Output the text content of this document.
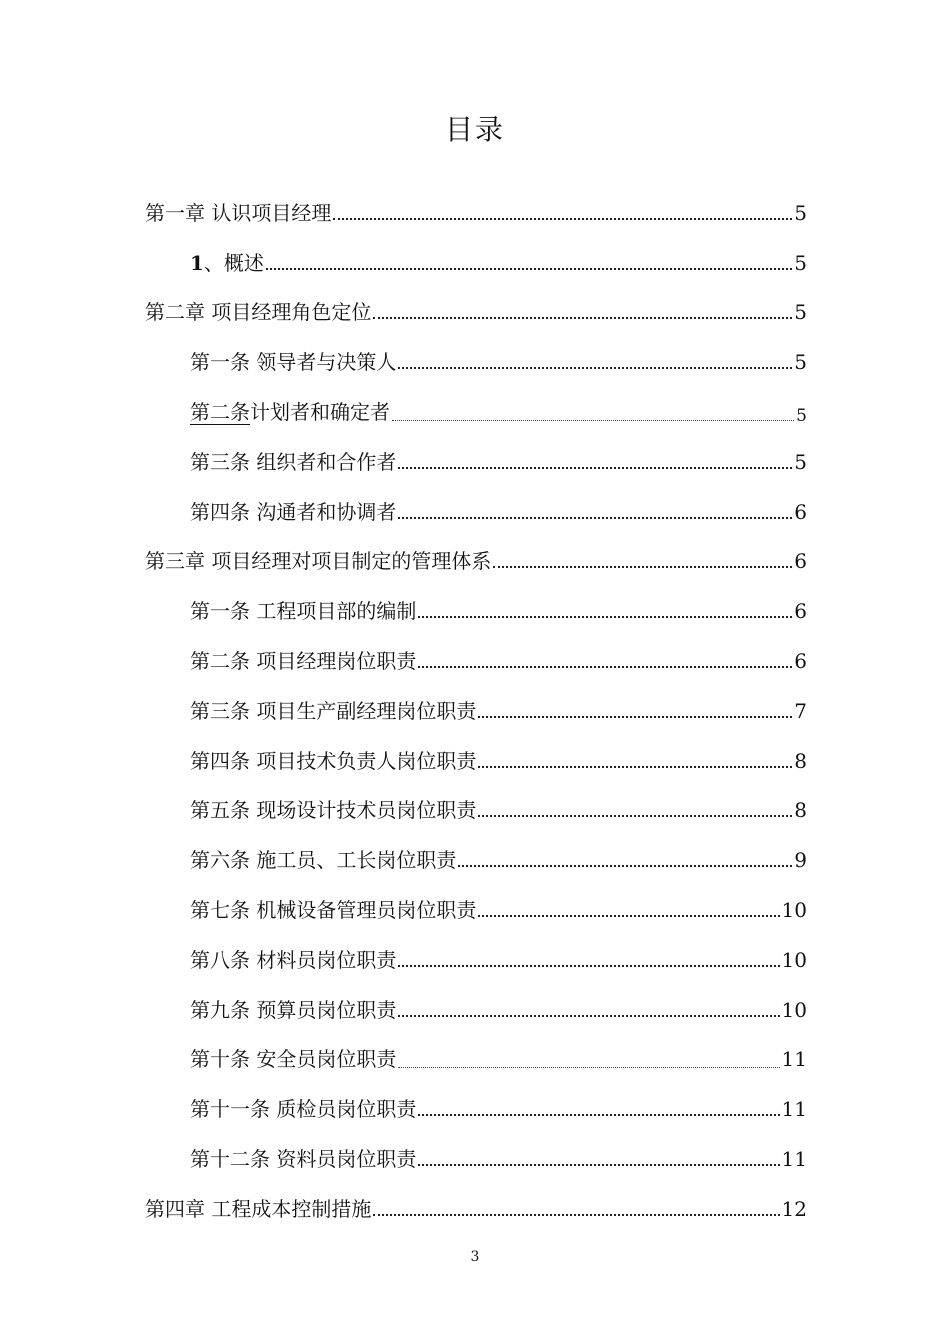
目录
第一章 认识项目经理	5
1、概述	5
第二章 项目经理角色定位	5
第一条 领导者与决策人	5
第二条计划者和确定者	5
第三条 组织者和合作者	5
第四条 沟通者和协调者	6
第三章 项目经理对项目制定的管理体系	6
第一条 工程项目部的编制	6
第二条 项目经理岗位职责	6
第三条 项目生产副经理岗位职责	7
第四条 项目技术负责人岗位职责	8
第五条 现场设计技术员岗位职责	8
第六条 施工员、工长岗位职责	9
第七条 机械设备管理员岗位职责	10
第八条 材料员岗位职责	10
第九条 预算员岗位职责	10
第十条 安全员岗位职责	11
第十一条 质检员岗位职责	11
第十二条 资料员岗位职责	11
第四章 工程成本控制措施	12
3
